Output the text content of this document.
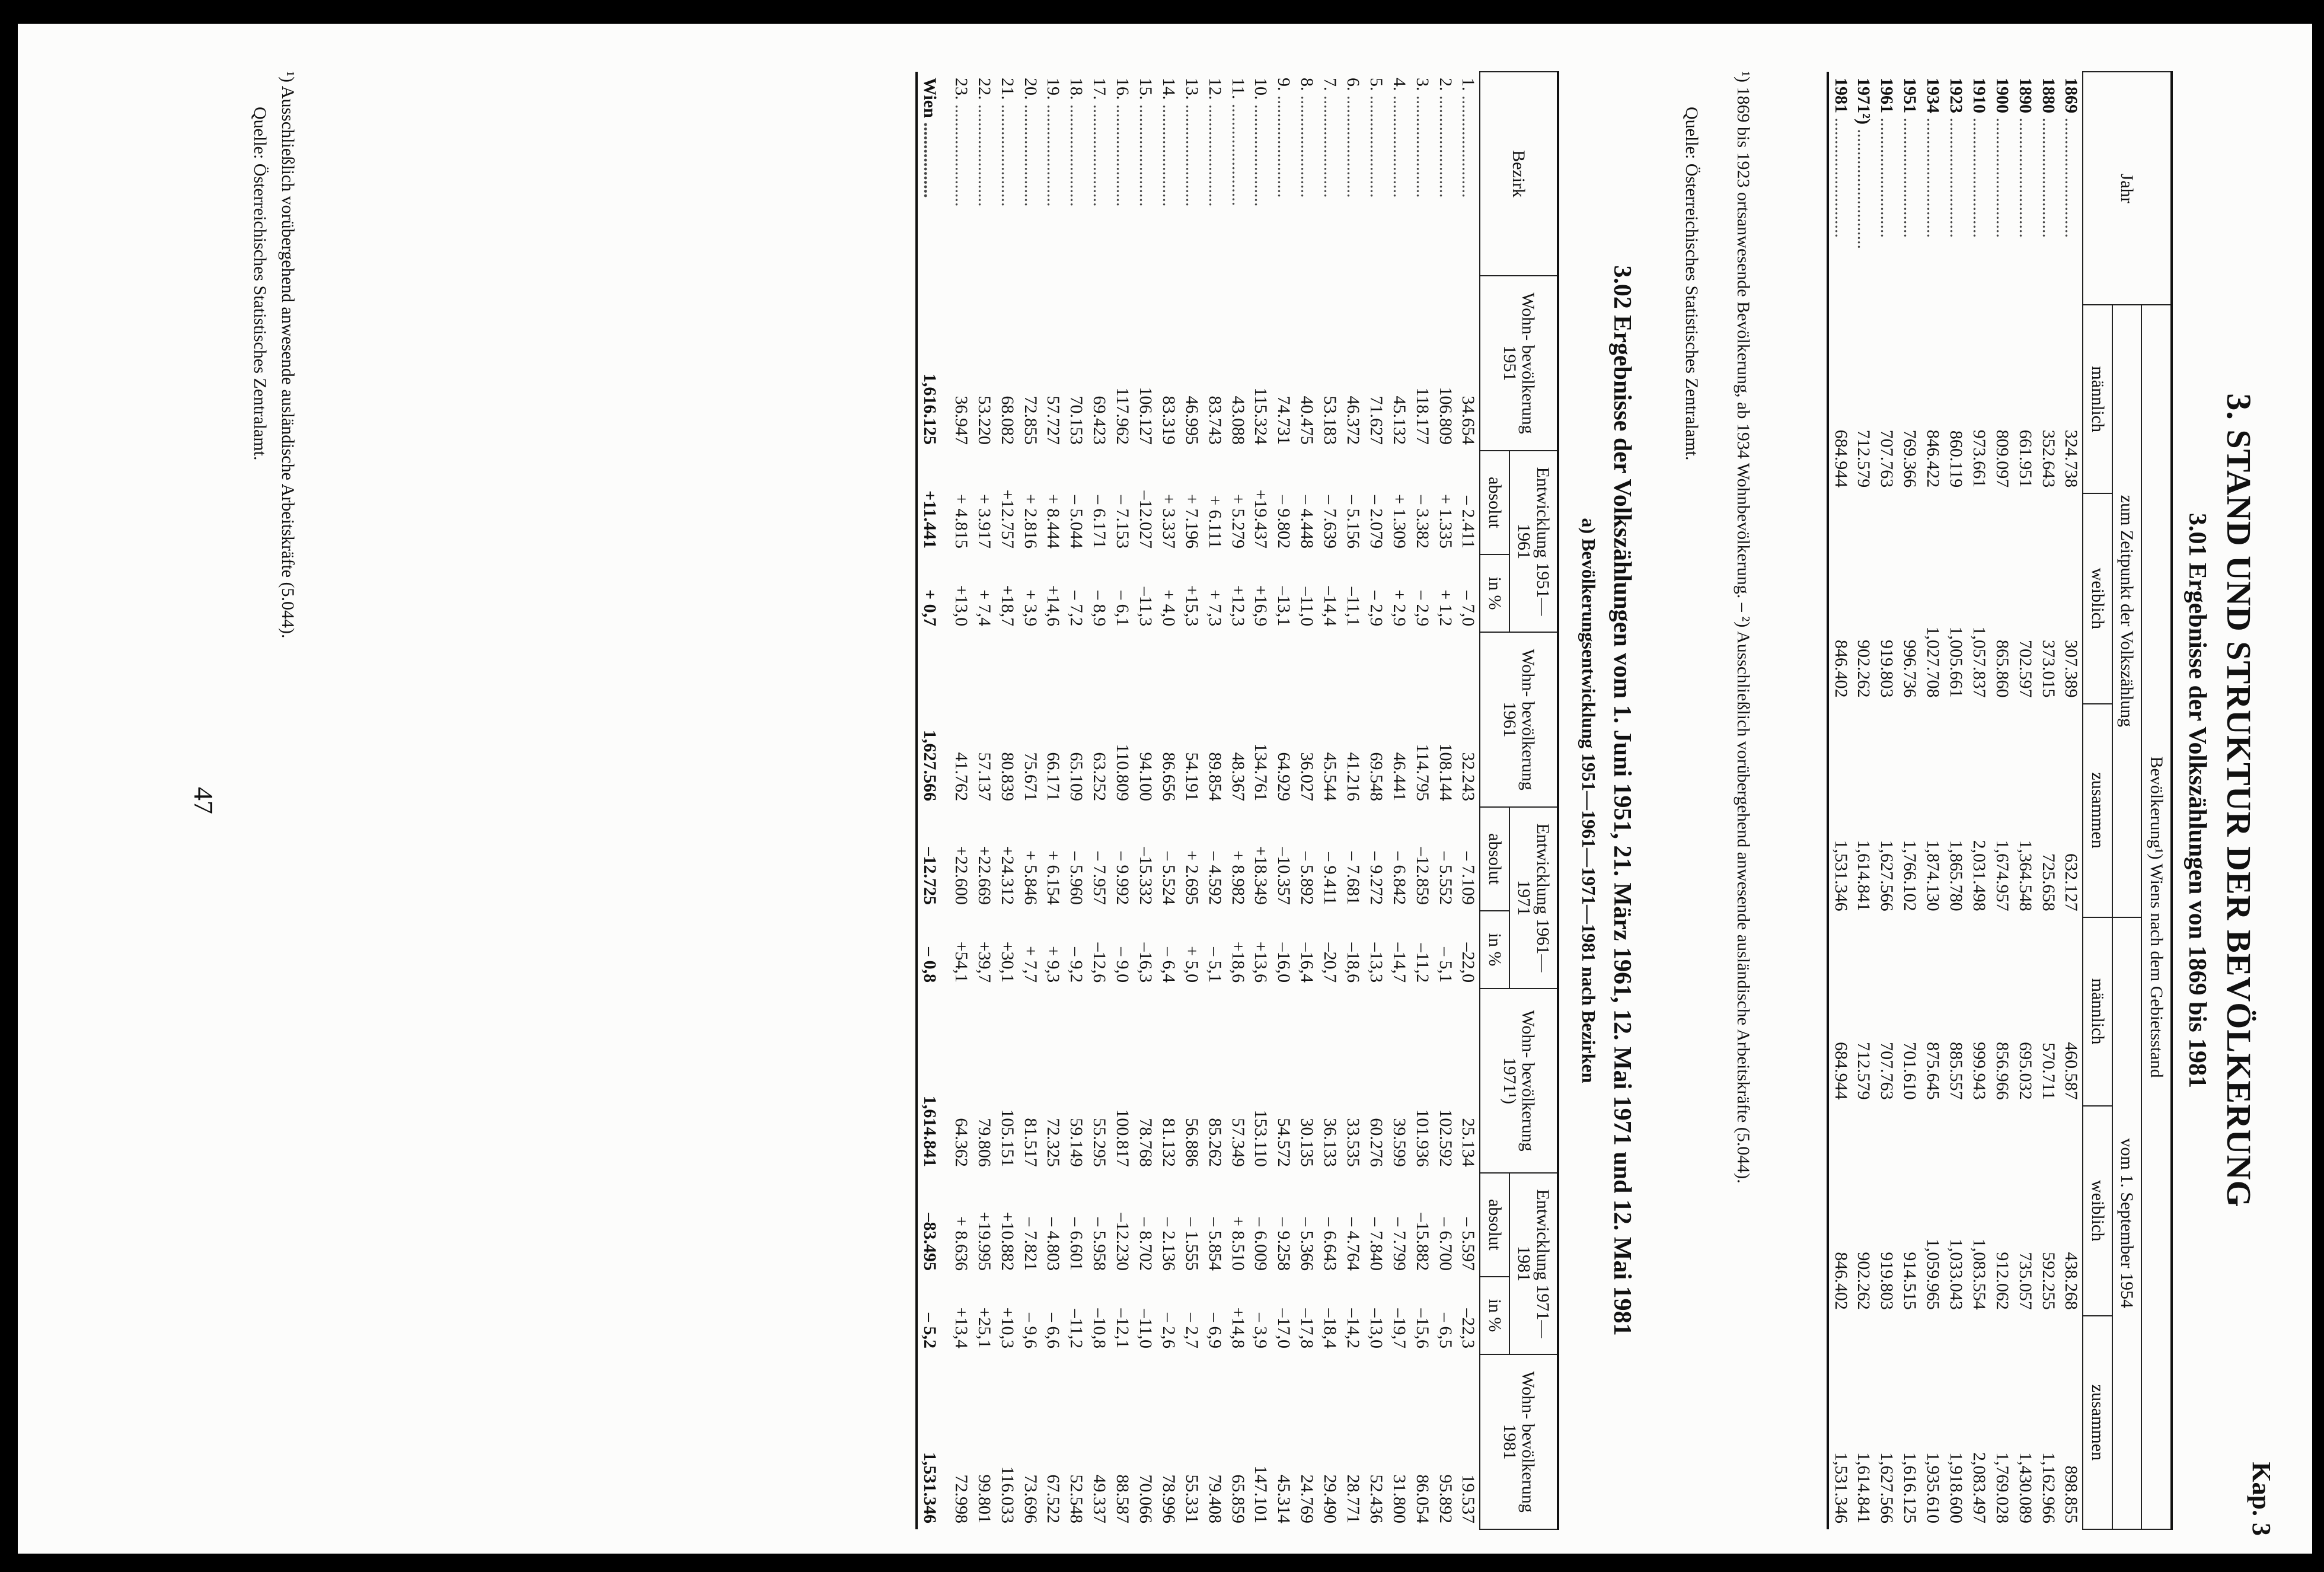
Kap. 3
3. STAND UND STRUKTUR DER BEVÖLKERUNG
3.01 Ergebnisse der Volkszählungen von 1869 bis 1981
Jahr	Bevölkerung¹) Wiens nach dem Gebietsstand					
	zum Zeitpunkt der Volkszählung			vom 1. September 1954		
	männlich	weiblich	zusammen	männlich	weiblich	zusammen
1869 ...........................	324.738	307.389	632.127	460.587	438.268	898.855
1880 ...........................	352.643	373.015	725.658	570.711	592.255	1,162.966
1890 ...........................	661.951	702.597	1,364.548	695.032	735.057	1,430.089
1900 ...........................	809.097	865.860	1,674.957	856.966	912.062	1,769.028
1910 ...........................	973.661	1,057.837	2,031.498	999.943	1,083.554	2,083.497
1923 ...........................	860.119	1,005.661	1,865.780	885.557	1,033.043	1,918.600
1934 ...........................	846.422	1,027.708	1,874.130	875.645	1,059.965	1,935.610
1951 ...........................	769.366	996.736	1,766.102	701.610	914.515	1,616.125
1961 ...........................	707.763	919.803	1,627.566	707.763	919.803	1,627.566
1971²) ...........................	712.579	902.262	1,614.841	712.579	902.262	1,614.841
1981 ...........................	684.944	846.402	1,531.346	684.944	846.402	1,531.346
¹) 1869 bis 1923 ortsanwesende Bevölkerung, ab 1934 Wohnbevölkerung. – ²) Ausschließlich vorübergehend anwesende ausländische Arbeitskräfte (5.044).
Quelle: Österreichisches Statistisches Zentralamt.
3.02 Ergebnisse der Volkszählungen vom 1. Juni 1951, 21. März 1961, 12. Mai 1971 und 12. Mai 1981
a) Bevölkerungsentwicklung 1951—1961—1971—1981 nach Bezirken
Bezirk	Wohn- bevölkerung 1951	Entwicklung 1951—1961		Wohn- bevölkerung 1961	Entwicklung 1961—1971		Wohn- bevölkerung 1971¹)	Entwicklung 1971—1981		Wohn- bevölkerung 1981
		absolut	in %		absolut	in %		absolut	in %	
1. .......................	34.654	– 2.411	– 7,0	32.243	– 7.109	–22,0	25.134	– 5.597	–22,3	19.537
2. .......................	106.809	+ 1.335	+ 1,2	108.144	– 5.552	– 5,1	102.592	– 6.700	– 6,5	95.892
3. .......................	118.177	– 3.382	– 2,9	114.795	–12.859	–11,2	101.936	–15.882	–15,6	86.054
4. .......................	45.132	+ 1.309	+ 2,9	46.441	– 6.842	–14,7	39.599	– 7.799	–19,7	31.800
5. .......................	71.627	– 2.079	– 2,9	69.548	– 9.272	–13,3	60.276	– 7.840	–13,0	52.436
6. .......................	46.372	– 5.156	–11,1	41.216	– 7.681	–18,6	33.535	– 4.764	–14,2	28.771
7. .......................	53.183	– 7.639	–14,4	45.544	– 9.411	–20,7	36.133	– 6.643	–18,4	29.490
8. .......................	40.475	– 4.448	–11,0	36.027	– 5.892	–16,4	30.135	– 5.366	–17,8	24.769
9. .......................	74.731	– 9.802	–13,1	64.929	–10.357	–16,0	54.572	– 9.258	–17,0	45.314
10. .......................	115.324	+19.437	+16,9	134.761	+18.349	+13,6	153.110	– 6.009	– 3,9	147.101
11. .......................	43.088	+ 5.279	+12,3	48.367	+ 8.982	+18,6	57.349	+ 8.510	+14,8	65.859
12. .......................	83.743	+ 6.111	+ 7,3	89.854	– 4.592	– 5,1	85.262	– 5.854	– 6,9	79.408
13. .......................	46.995	+ 7.196	+15,3	54.191	+ 2.695	+ 5,0	56.886	– 1.555	– 2,7	55.331
14. .......................	83.319	+ 3.337	+ 4,0	86.656	– 5.524	– 6,4	81.132	– 2.136	– 2,6	78.996
15. .......................	106.127	–12.027	–11,3	94.100	–15.332	–16,3	78.768	– 8.702	–11,0	70.066
16. .......................	117.962	– 7.153	– 6,1	110.809	– 9.992	– 9,0	100.817	–12.230	–12,1	88.587
17. .......................	69.423	– 6.171	– 8,9	63.252	– 7.957	–12,6	55.295	– 5.958	–10,8	49.337
18. .......................	70.153	– 5.044	– 7,2	65.109	– 5.960	– 9,2	59.149	– 6.601	–11,2	52.548
19. .......................	57.727	+ 8.444	+14,6	66.171	+ 6.154	+ 9,3	72.325	– 4.803	– 6,6	67.522
20. .......................	72.855	+ 2.816	+ 3,9	75.671	+ 5.846	+ 7,7	81.517	– 7.821	– 9,6	73.696
21. .......................	68.082	+12.757	+18,7	80.839	+24.312	+30,1	105.151	+10.882	+10,3	116.033
22. .......................	53.220	+ 3.917	+ 7,4	57.137	+22.669	+39,7	79.806	+19.995	+25,1	99.801
23. .......................	36.947	+ 4.815	+13,0	41.762	+22.600	+54,1	64.362	+ 8.636	+13,4	72.998
Wien .................	1,616.125	+11.441	+ 0,7	1,627.566	–12.725	– 0,8	1,614.841	–83.495	– 5,2	1,531.346
¹) Ausschließlich vorübergehend anwesende ausländische Arbeitskräfte (5.044).
Quelle: Österreichisches Statistisches Zentralamt.
47
